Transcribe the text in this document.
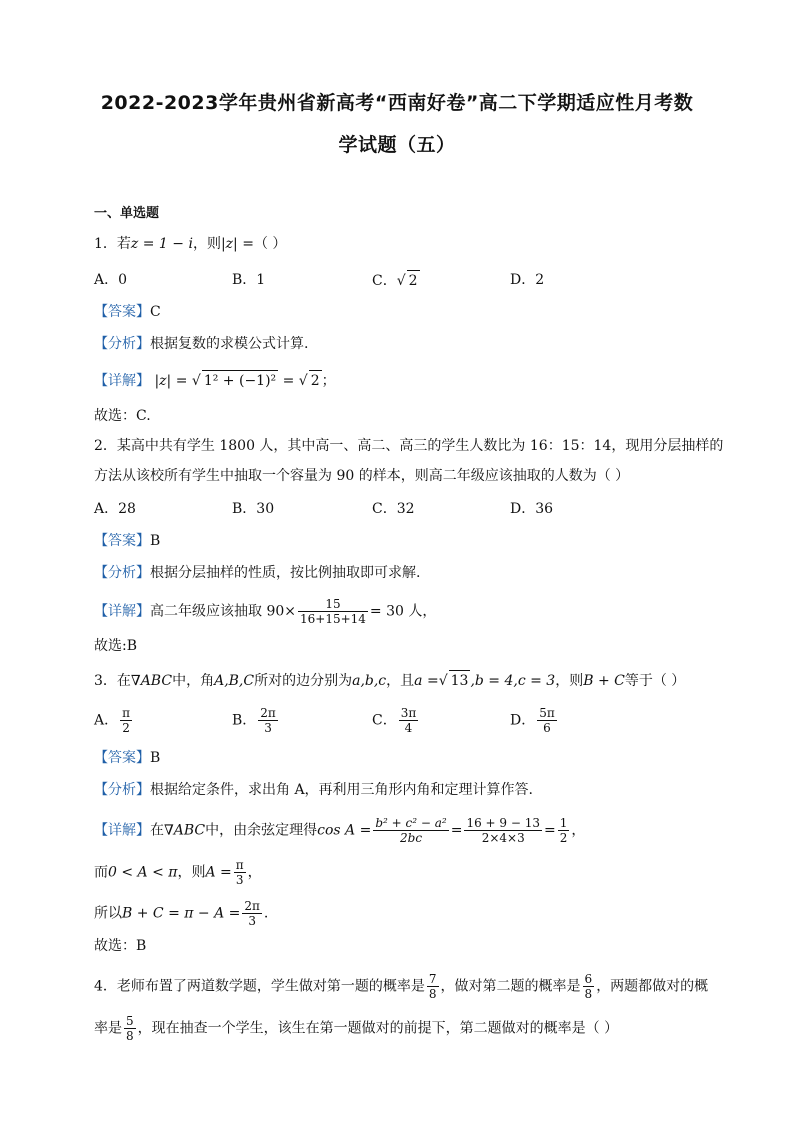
2022-2023学年贵州省新高考“西南好卷”高二下学期适应性月考数
学试题（五）
一、单选题
1．若z = 1 − i，则|z| =（ ）
A．0	B．1	C．√ 2	D．2
【答案】C
【分析】根据复数的求模公式计算.
【详解】 |z| = √ 1² + (−1)² = √ 2 ；
故选：C.
2．某高中共有学生 1800 人，其中高一、高二、高三的学生人数比为 16：15：14，现用分层抽样的
方法从该校所有学生中抽取一个容量为 90 的样本，则高二年级应该抽取的人数为（ ）
A．28	B．30	C．32	D．36
【答案】B
【分析】根据分层抽样的性质，按比例抽取即可求解.
【详解】高二年级应该抽取 $90\times \frac{15}{16+15+14} = 30$ 人，
故选:B
3．在∇ABC中，角A,B,C所对的边分别为a,b,c，且a =√ 13 ,b = 4,c = 3，则B + C等于（ ）
A． $\frac{\pi}{2}$	B． $\frac{2\pi}{3}$	C． $\frac{3\pi}{4}$	D． $\frac{5\pi}{6}$
【答案】B
【分析】根据给定条件，求出角 A，再利用三角形内角和定理计算作答.
【详解】在∇ABC中，由余弦定理得$\cos A = \frac{\text{b² + c² − a²}}{2bc} = \frac{16 + 9 - 13}{2\times 4\times 3} = \frac{1}{2}$ ，
而0 < A < π，则$A = \frac{\pi}{3}$ ，
所以$B + C = \pi - A = \frac{2\pi}{3}$ .
故选：B
4．老师布置了两道数学题，学生做对第一题的概率是 $\frac{7}{8}$ ，做对第二题的概率是 $\frac{6}{8}$ ，两题都做对的概
率是 $\frac{5}{8}$ ，现在抽查一个学生，该生在第一题做对的前提下，第二题做对的概率是（ ）
